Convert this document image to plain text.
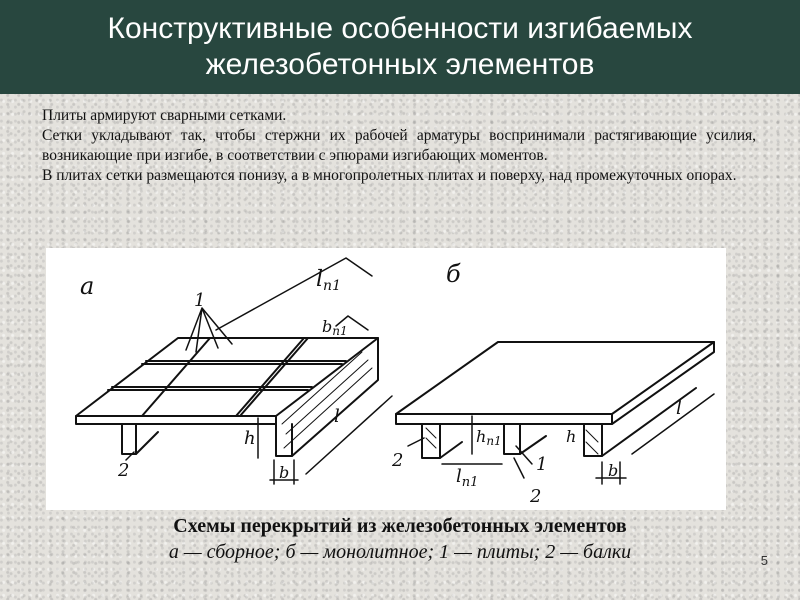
Конструктивные особенности изгибаемых
железобетонных элементов

Плиты армируют сварными сетками.

Сетки укладывают так, чтобы стержни их рабочей арматуры воспринимали растягивающие усилия, возникающие при изгибе, в соответствии с эпюрами изгибающих моментов.

В плитах сетки размещаются понизу, а в многопролетных плитах и поверху, над промежуточных опорах.

а
1
2
lп1
bп1
l
h
b
б
hп1
$l_{п1}$
2	1
2
h
l
b
Схемы перекрытий из железобетонных элементов
а — сборное; б — монолитное; 1 — плиты; 2 — балки	5
